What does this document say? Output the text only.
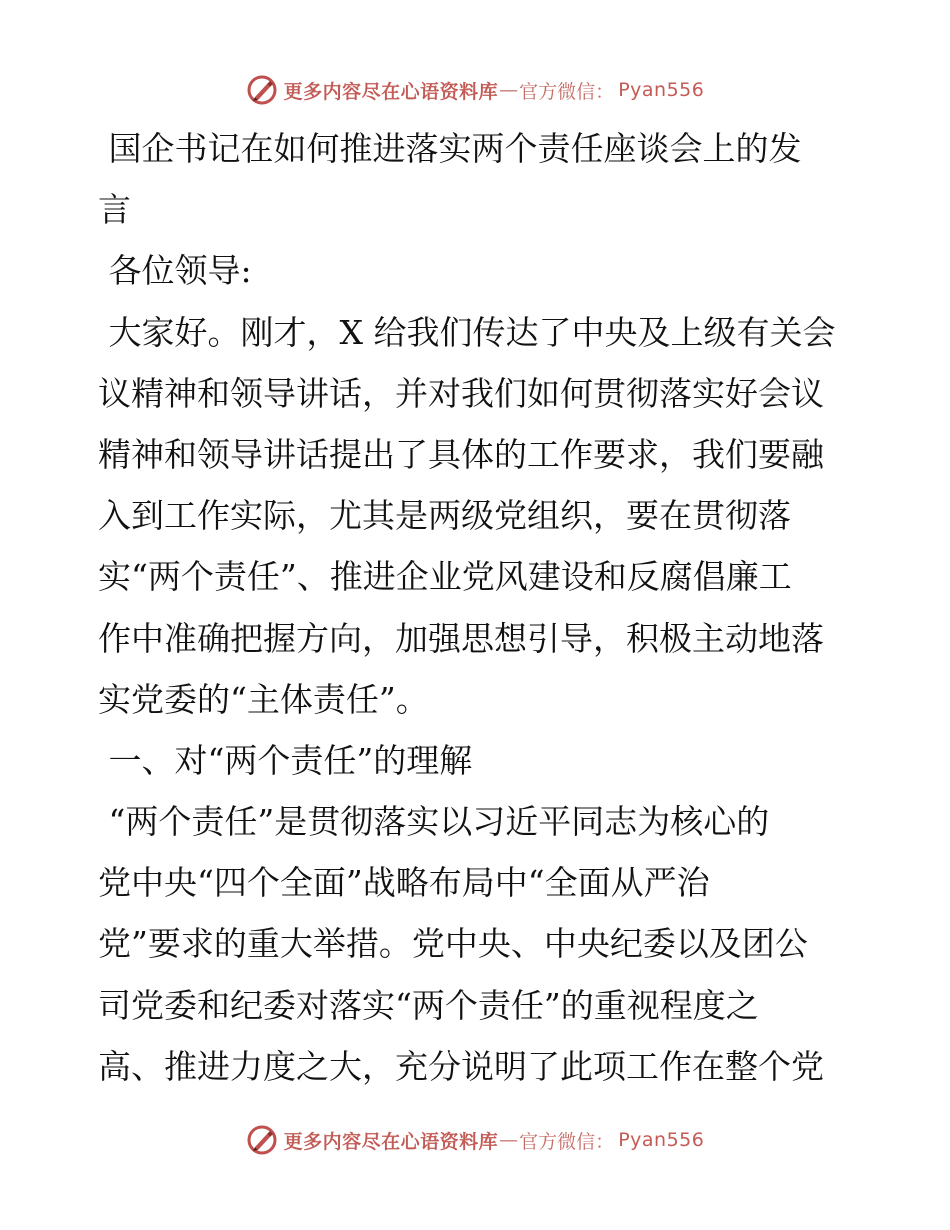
更多内容尽在心语资料库 — 官方微信： Pyan556
国企书记在如何推进落实两个责任座谈会上的发
言
各位领导:
大家好。刚才，X 给我们传达了中央及上级有关会
议精神和领导讲话，并对我们如何贯彻落实好会议
精神和领导讲话提出了具体的工作要求，我们要融
入到工作实际，尤其是两级党组织，要在贯彻落
实“两个责任”、推进企业党风建设和反腐倡廉工
作中准确把握方向，加强思想引导，积极主动地落
实党委的“主体责任”。
一、对“两个责任”的理解
“两个责任”是贯彻落实以习近平同志为核心的
党中央“四个全面”战略布局中“全面从严治
党”要求的重大举措。党中央、中央纪委以及团公
司党委和纪委对落实“两个责任”的重视程度之
高、推进力度之大，充分说明了此项工作在整个党
更多内容尽在心语资料库 — 官方微信： Pyan556
